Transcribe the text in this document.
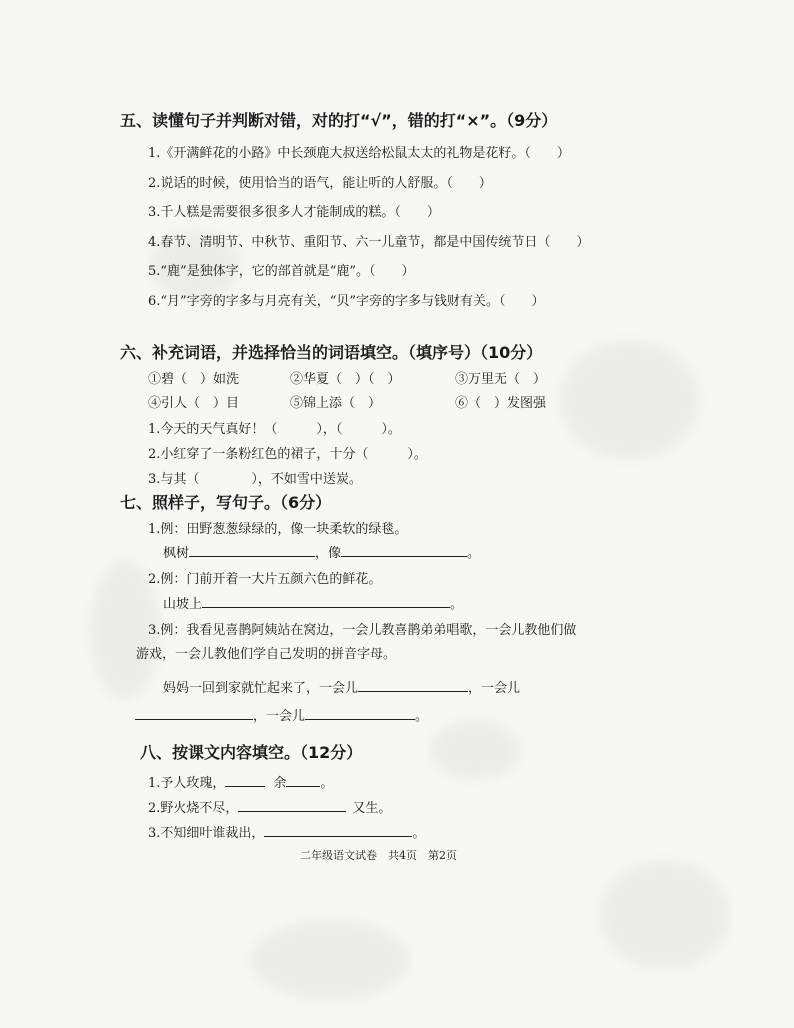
五、读懂句子并判断对错，对的打“√”，错的打“×”。（9分）
1.《开满鲜花的小路》中长颈鹿大叔送给松鼠太太的礼物是花籽。（　　）
2.说话的时候，使用恰当的语气，能让听的人舒服。（　　）
3.千人糕是需要很多很多人才能制成的糕。（　　）
4.春节、清明节、中秋节、重阳节、六一儿童节，都是中国传统节日（　　）
5.“鹿”是独体字，它的部首就是“鹿”。（　　）
6.“月”字旁的字多与月亮有关，“贝”字旁的字多与钱财有关。（　　）
六、补充词语，并选择恰当的词语填空。（填序号）（10分）
①碧（　）如洗	②华夏（　）（　）	③万里无（　）
④引人（　）目	⑤锦上添（　）	⑥（　）发图强
1.今天的天气真好！（　　　），（　　　）。
2.小红穿了一条粉红色的裙子，十分（　　　）。
3.与其（　　　　），不如雪中送炭。
七、照样子，写句子。（6分）
1.例：田野葱葱绿绿的，像一块柔软的绿毯。
枫树	，像	。
2.例：门前开着一大片五颜六色的鲜花。
山坡上	。
3.例：我看见喜鹊阿姨站在窝边，一会儿教喜鹊弟弟唱歌，一会儿教他们做
游戏，一会儿教他们学自己发明的拼音字母。
妈妈一回到家就忙起来了，一会儿	，一会儿
，一会儿	。
八、按课文内容填空。（12分）
1.予人玫瑰，	余	。
2.野火烧不尽，	又生。
3.不知细叶谁裁出，	。
二年级语文试卷　共4页　第2页
